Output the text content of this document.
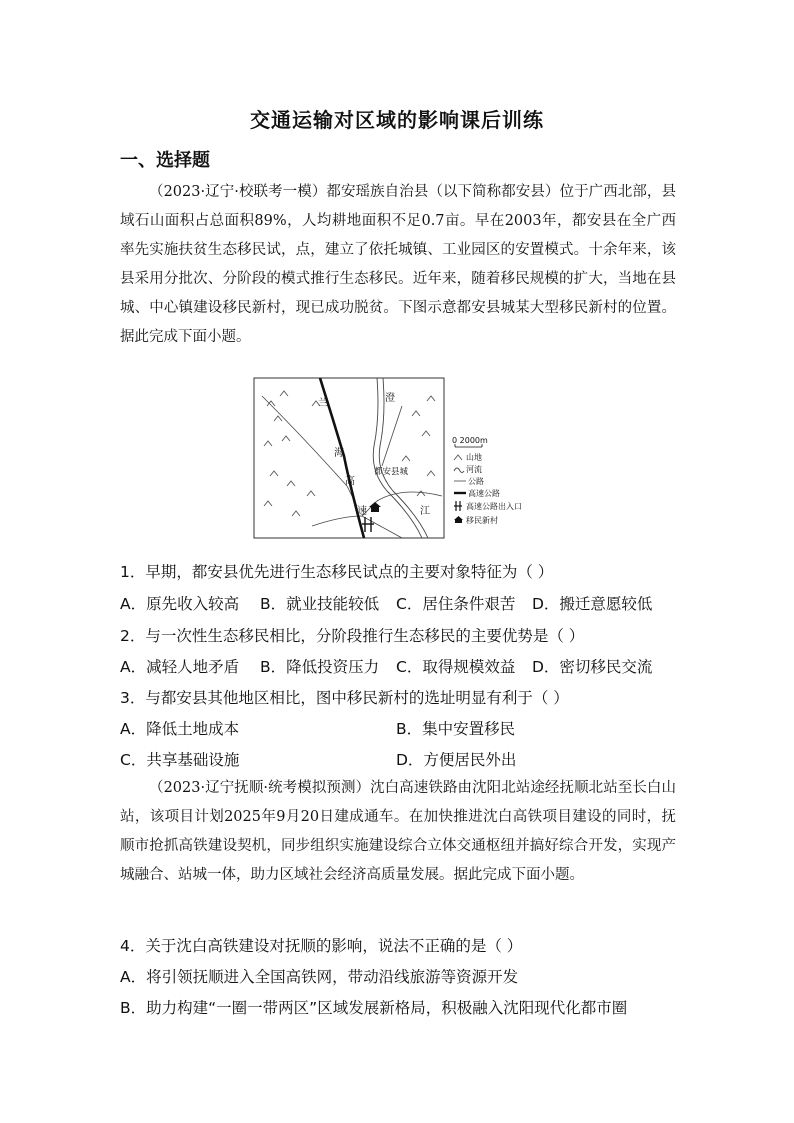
交通运输对区域的影响课后训练
一、选择题
（2023·辽宁·校联考一模）都安瑶族自治县（以下简称都安县）位于广西北部，县域石山面积占总面积89%，人均耕地面积不足0.7亩。早在2003年，都安县在全广西率先实施扶贫生态移民试，点，建立了依托城镇、工业园区的安置模式。十余年来，该县采用分批次、分阶段的模式推行生态移民。近年来，随着移民规模的扩大，当地在县城、中心镇建设移民新村，现已成功脱贫。下图示意都安县城某大型移民新村的位置。据此完成下面小题。
兰
海
高
速
澄
江
都安县城
0 2000m
山地
河流
公路
高速公路
高速公路出入口
移民新村
1．早期，都安县优先进行生态移民试点的主要对象特征为（ ）
A．原先收入较高 B．就业技能较低 C．居住条件艰苦 D．搬迁意愿较低
2．与一次性生态移民相比，分阶段推行生态移民的主要优势是（ ）
A．减轻人地矛盾 B．降低投资压力 C．取得规模效益 D．密切移民交流
3．与都安县其他地区相比，图中移民新村的选址明显有利于（ ）
A．降低土地成本	B．集中安置移民
C．共享基础设施	D．方便居民外出
（2023·辽宁抚顺·统考模拟预测）沈白高速铁路由沈阳北站途经抚顺北站至长白山站，该项目计划2025年9月20日建成通车。在加快推进沈白高铁项目建设的同时，抚顺市抢抓高铁建设契机，同步组织实施建设综合立体交通枢纽并搞好综合开发，实现产城融合、站城一体，助力区域社会经济高质量发展。据此完成下面小题。
4．关于沈白高铁建设对抚顺的影响，说法不正确的是（ ）
A．将引领抚顺进入全国高铁网，带动沿线旅游等资源开发
B．助力构建“一圈一带两区”区域发展新格局，积极融入沈阳现代化都市圈
